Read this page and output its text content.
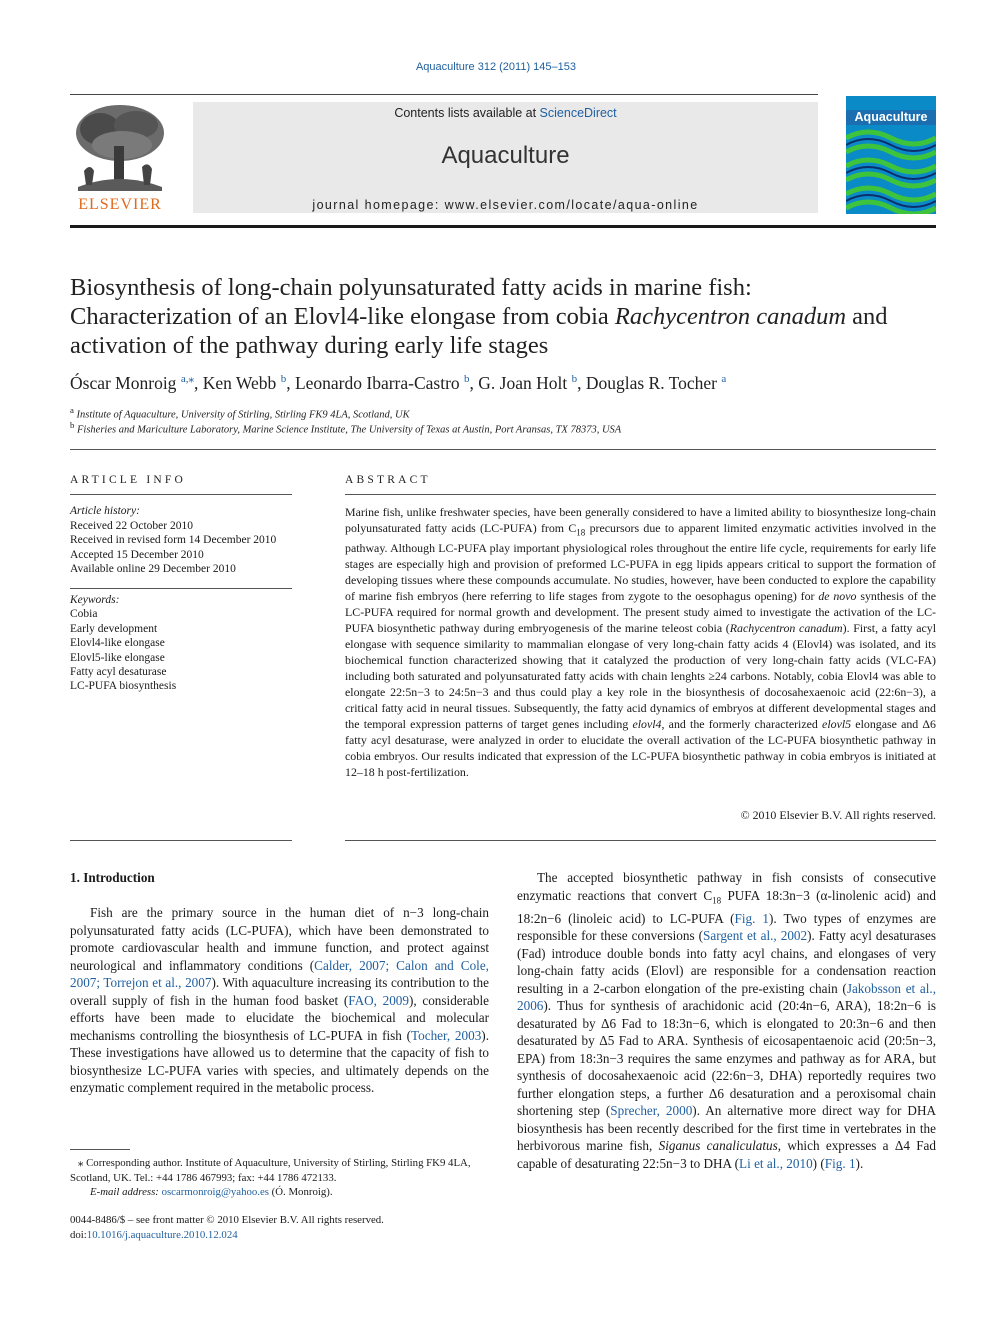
Aquaculture 312 (2011) 145–153
ELSEVIER
Contents lists available at ScienceDirect
Aquaculture
journal homepage: www.elsevier.com/locate/aqua-online
Aquaculture
Biosynthesis of long-chain polyunsaturated fatty acids in marine fish:
Characterization of an Elovl4-like elongase from cobia Rachycentron canadum and
activation of the pathway during early life stages
Óscar Monroig $^{a,⁎}$, Ken Webb $^b$, Leonardo Ibarra-Castro $^b$, G. Joan Holt $^b$, Douglas R. Tocher $^a$
$^a$ Institute of Aquaculture, University of Stirling, Stirling FK9 4LA, Scotland, UK
$^b$ Fisheries and Mariculture Laboratory, Marine Science Institute, The University of Texas at Austin, Port Aransas, TX 78373, USA
ARTICLE INFO	ABSTRACT
Article history:
Received 22 October 2010
Received in revised form 14 December 2010
Accepted 15 December 2010
Available online 29 December 2010
Keywords:
Cobia
Early development
Elovl4-like elongase
Elovl5-like elongase
Fatty acyl desaturase
LC-PUFA biosynthesis
Marine fish, unlike freshwater species, have been generally considered to have a limited ability to biosynthesize long-chain polyunsaturated fatty acids (LC-PUFA) from $C_{18}$ precursors due to apparent limited enzymatic activities involved in the pathway. Although LC-PUFA play important physiological roles throughout the entire life cycle, requirements for early life stages are especially high and provision of preformed LC-PUFA in egg lipids appears critical to support the formation of developing tissues where these compounds accumulate. No studies, however, have been conducted to explore the capability of marine fish embryos (here referring to life stages from zygote to the oesophagus opening) for de novo synthesis of the LC-PUFA required for normal growth and development. The present study aimed to investigate the activation of the LC-PUFA biosynthetic pathway during embryogenesis of the marine teleost cobia (Rachycentron canadum). First, a fatty acyl elongase with sequence similarity to mammalian elongase of very long-chain fatty acids 4 (Elovl4) was isolated, and its biochemical function characterized showing that it catalyzed the production of very long-chain fatty acids (VLC-FA) including both saturated and polyunsaturated fatty acids with chain lenghts ≥24 carbons. Notably, cobia Elovl4 was able to elongate 22:5n−3 to 24:5n−3 and thus could play a key role in the biosynthesis of docosahexaenoic acid (22:6n−3), a critical fatty acid in neural tissues. Subsequently, the fatty acid dynamics of embryos at different developmental stages and the temporal expression patterns of target genes including elovl4, and the formerly characterized elovl5 elongase and Δ6 fatty acyl desaturase, were analyzed in order to elucidate the overall activation of the LC-PUFA biosynthetic pathway in cobia embryos. Our results indicated that expression of the LC-PUFA biosynthetic pathway in cobia embryos is initiated at 12–18 h post-fertilization.
© 2010 Elsevier B.V. All rights reserved.
1. Introduction
Fish are the primary source in the human diet of n−3 long-chain polyunsaturated fatty acids (LC-PUFA), which have been demonstrated to promote cardiovascular health and immune function, and protect against neurological and inflammatory conditions (Calder, 2007; Calon and Cole, 2007; Torrejon et al., 2007). With aquaculture increasing its contribution to the overall supply of fish in the human food basket (FAO, 2009), considerable efforts have been made to elucidate the biochemical and molecular mechanisms controlling the biosynthesis of LC-PUFA in fish (Tocher, 2003). These investigations have allowed us to determine that the capacity of fish to biosynthesize LC-PUFA varies with species, and ultimately depends on the enzymatic complement required in the metabolic process.
The accepted biosynthetic pathway in fish consists of consecutive enzymatic reactions that convert $C_{18}$ PUFA 18:3n−3 (α-linolenic acid) and 18:2n−6 (linoleic acid) to LC-PUFA (Fig. 1). Two types of enzymes are responsible for these conversions (Sargent et al., 2002). Fatty acyl desaturases (Fad) introduce double bonds into fatty acyl chains, and elongases of very long-chain fatty acids (Elovl) are responsible for a condensation reaction resulting in a 2-carbon elongation of the pre-existing chain (Jakobsson et al., 2006). Thus for synthesis of arachidonic acid (20:4n−6, ARA), 18:2n−6 is desaturated by Δ6 Fad to 18:3n−6, which is elongated to 20:3n−6 and then desaturated by Δ5 Fad to ARA. Synthesis of eicosapentaenoic acid (20:5n−3, EPA) from 18:3n−3 requires the same enzymes and pathway as for ARA, but synthesis of docosahexaenoic acid (22:6n−3, DHA) reportedly requires two further elongation steps, a further Δ6 desaturation and a peroxisomal chain shortening step (Sprecher, 2000). An alternative more direct way for DHA biosynthesis has been recently described for the first time in vertebrates in the herbivorous marine fish, Siganus canaliculatus, which expresses a Δ4 Fad capable of desaturating 22:5n−3 to DHA (Li et al., 2010) (Fig. 1).
⁎ Corresponding author. Institute of Aquaculture, University of Stirling, Stirling FK9 4LA, Scotland, UK. Tel.: +44 1786 467993; fax: +44 1786 472133.
E-mail address: oscarmonroig@yahoo.es (Ó. Monroig).
0044-8486/$ – see front matter © 2010 Elsevier B.V. All rights reserved.
doi:10.1016/j.aquaculture.2010.12.024
